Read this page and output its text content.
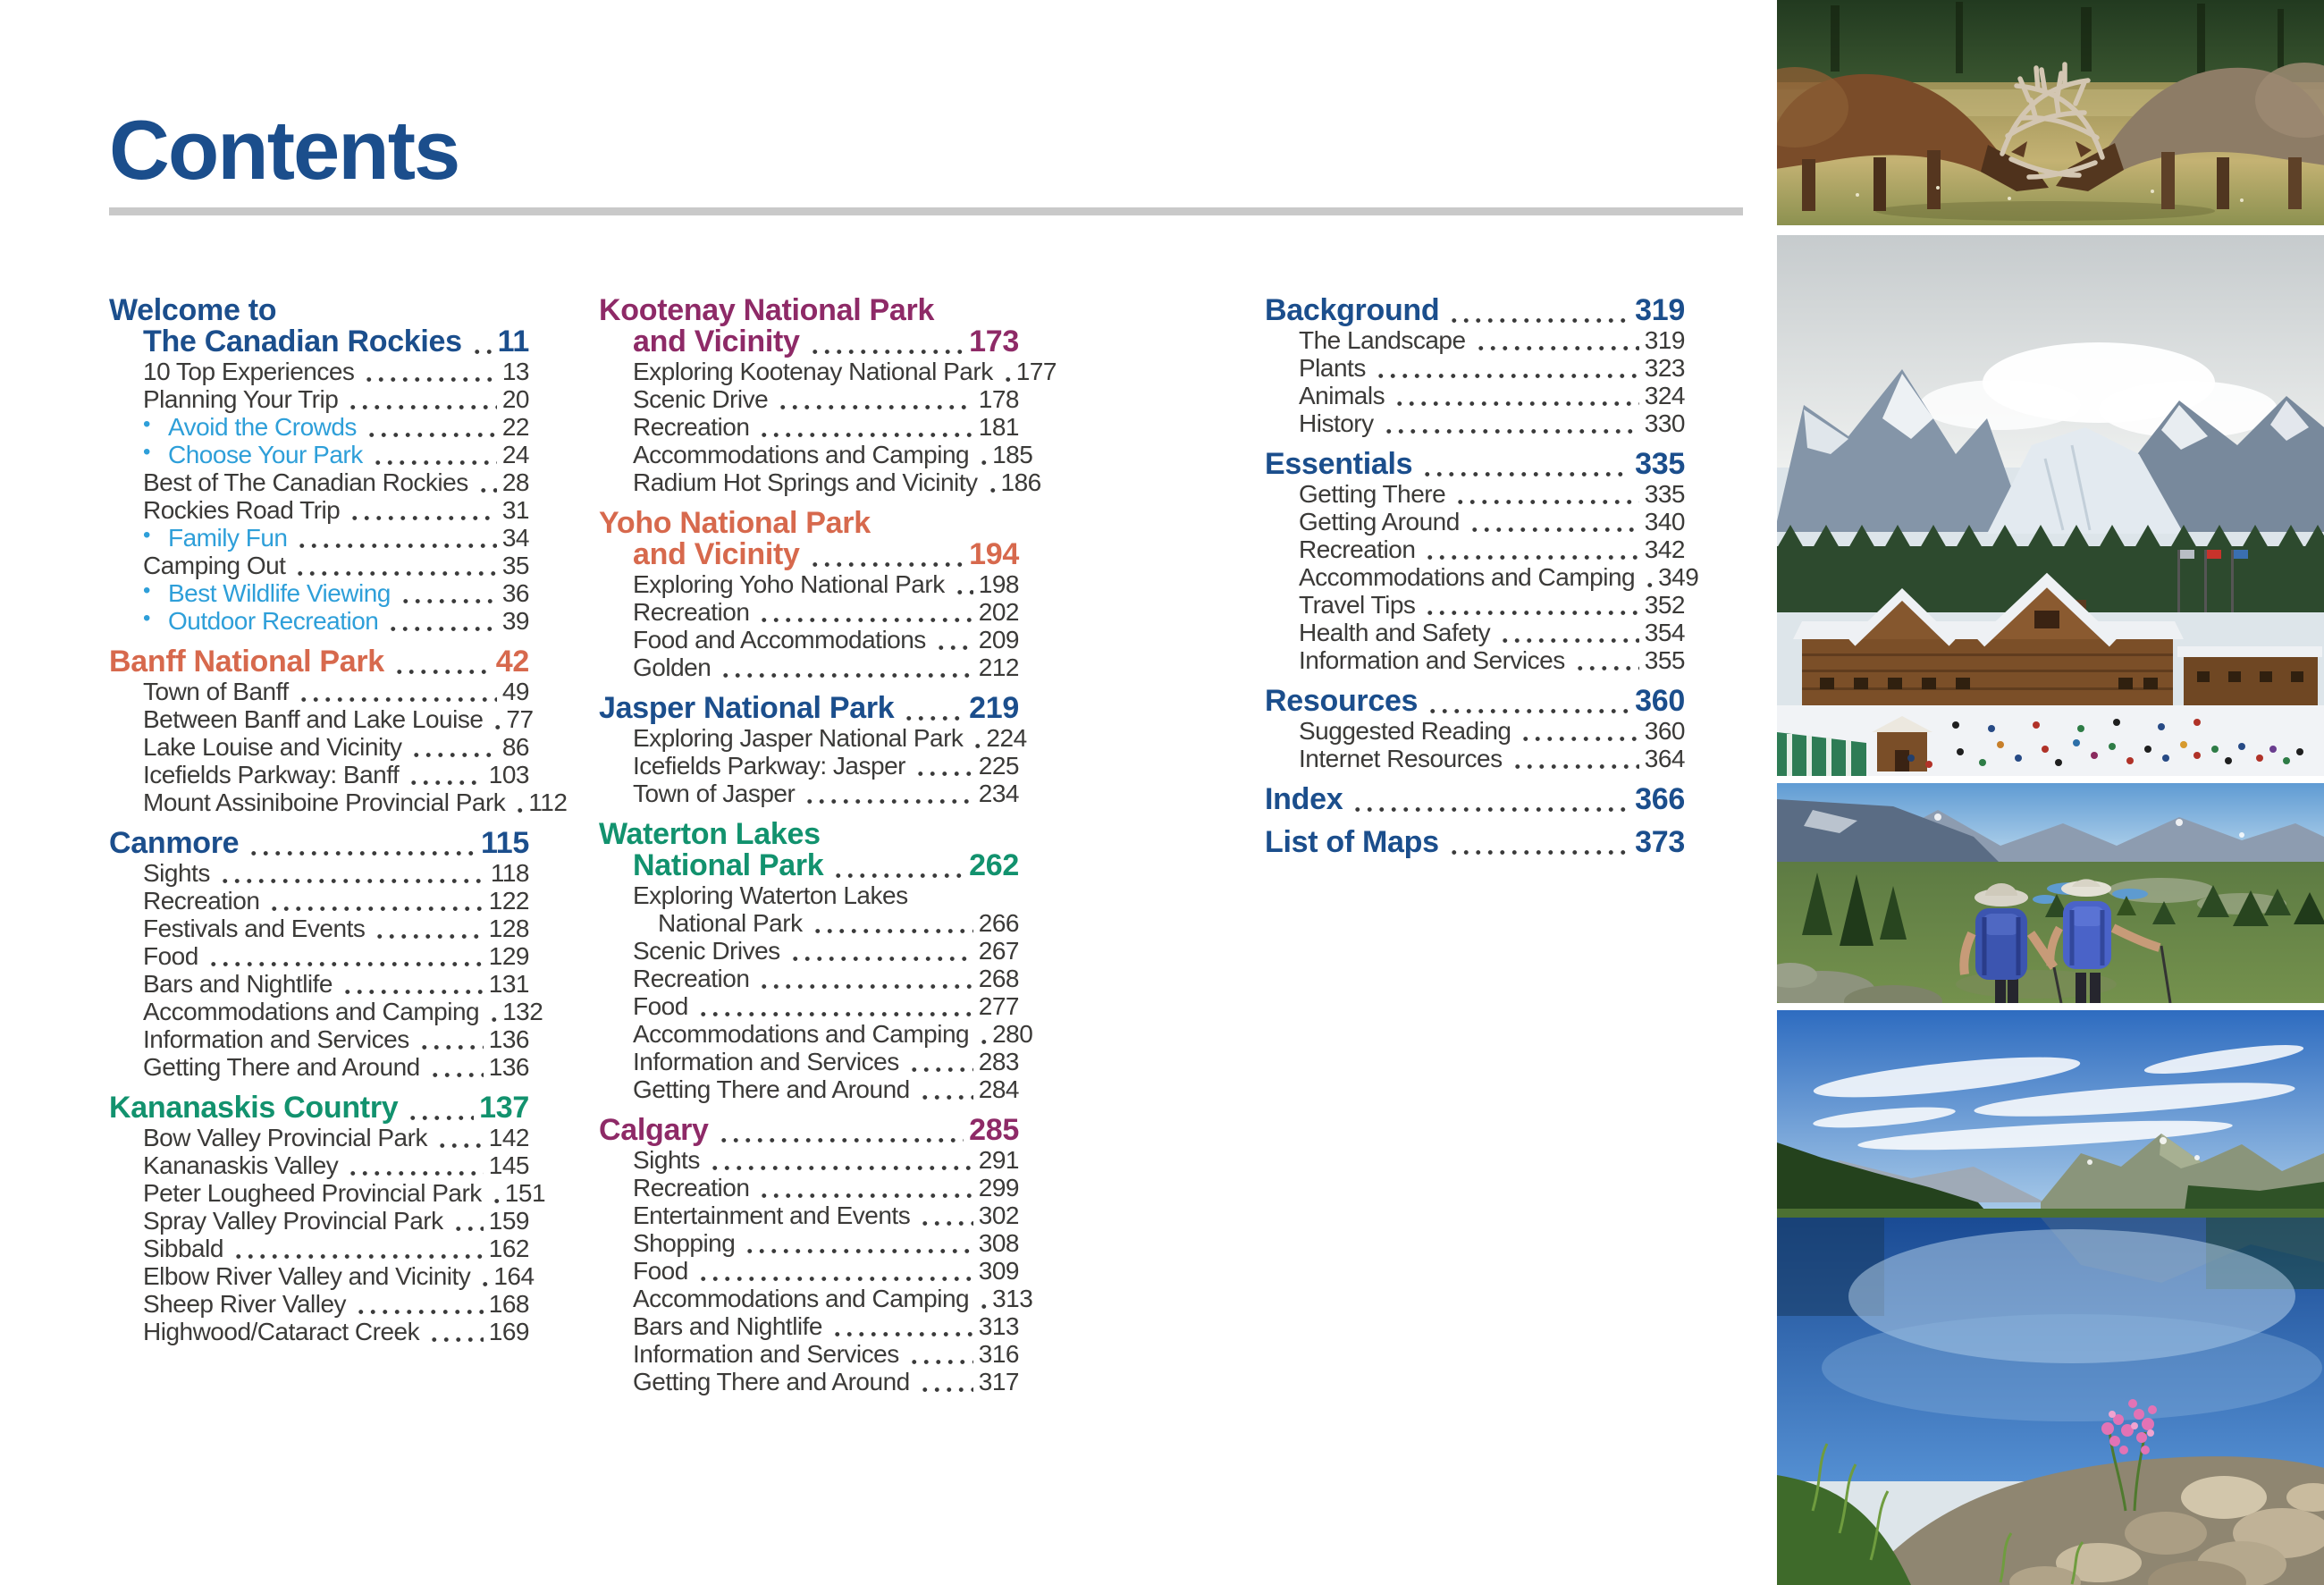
Contents
Welcome to
The Canadian Rockies 11
10 Top Experiences	13
Planning Your Trip	20
• Avoid the Crowds	22
• Choose Your Park	24
Best of The Canadian Rockies 28
Rockies Road Trip	31
• Family Fun	34
Camping Out	35
• Best Wildlife Viewing	36
• Outdoor Recreation	39
Banff National Park	42
Town of Banff	49
Between Banff and Lake Louise 77
Lake Louise and Vicinity	86
Icefields Parkway: Banff	103
Mount Assiniboine Provincial Park 112
Canmore	115
Sights	118
Recreation	122
Festivals and Events	128
Food	129
Bars and Nightlife	131
Accommodations and Camping 132
Information and Services	136
Getting There and Around	136
Kananaskis Country	137
Bow Valley Provincial Park 142
Kananaskis Valley	145
Peter Lougheed Provincial Park 151
Spray Valley Provincial Park 159
Sibbald	162
Elbow River Valley and Vicinity 164
Sheep River Valley	168
Highwood/Cataract Creek	169
Kootenay National Park
and Vicinity	173
Exploring Kootenay National Park 177
Scenic Drive	178
Recreation	181
Accommodations and Camping 185
Radium Hot Springs and Vicinity 186
Yoho National Park
and Vicinity	194
Exploring Yoho National Park 198
Recreation	202
Food and Accommodations 209
Golden	212
Jasper National Park 219
Exploring Jasper National Park 224
Icefields Parkway: Jasper	225
Town of Jasper	234
Waterton Lakes
National Park	262
Exploring Waterton Lakes
National Park	266
Scenic Drives	267
Recreation	268
Food	277
Accommodations and Camping 280
Information and Services	283
Getting There and Around	284
Calgary	285
Sights	291
Recreation	299
Entertainment and Events	302
Shopping	308
Food	309
Accommodations and Camping 313
Bars and Nightlife	313
Information and Services	316
Getting There and Around	317
Background	319
The Landscape	319
Plants	323
Animals	324
History	330
Essentials	335
Getting There	335
Getting Around	340
Recreation	342
Accommodations and Camping 349
Travel Tips	352
Health and Safety	354
Information and Services	355
Resources	360
Suggested Reading	360
Internet Resources	364
Index	366
List of Maps	373
